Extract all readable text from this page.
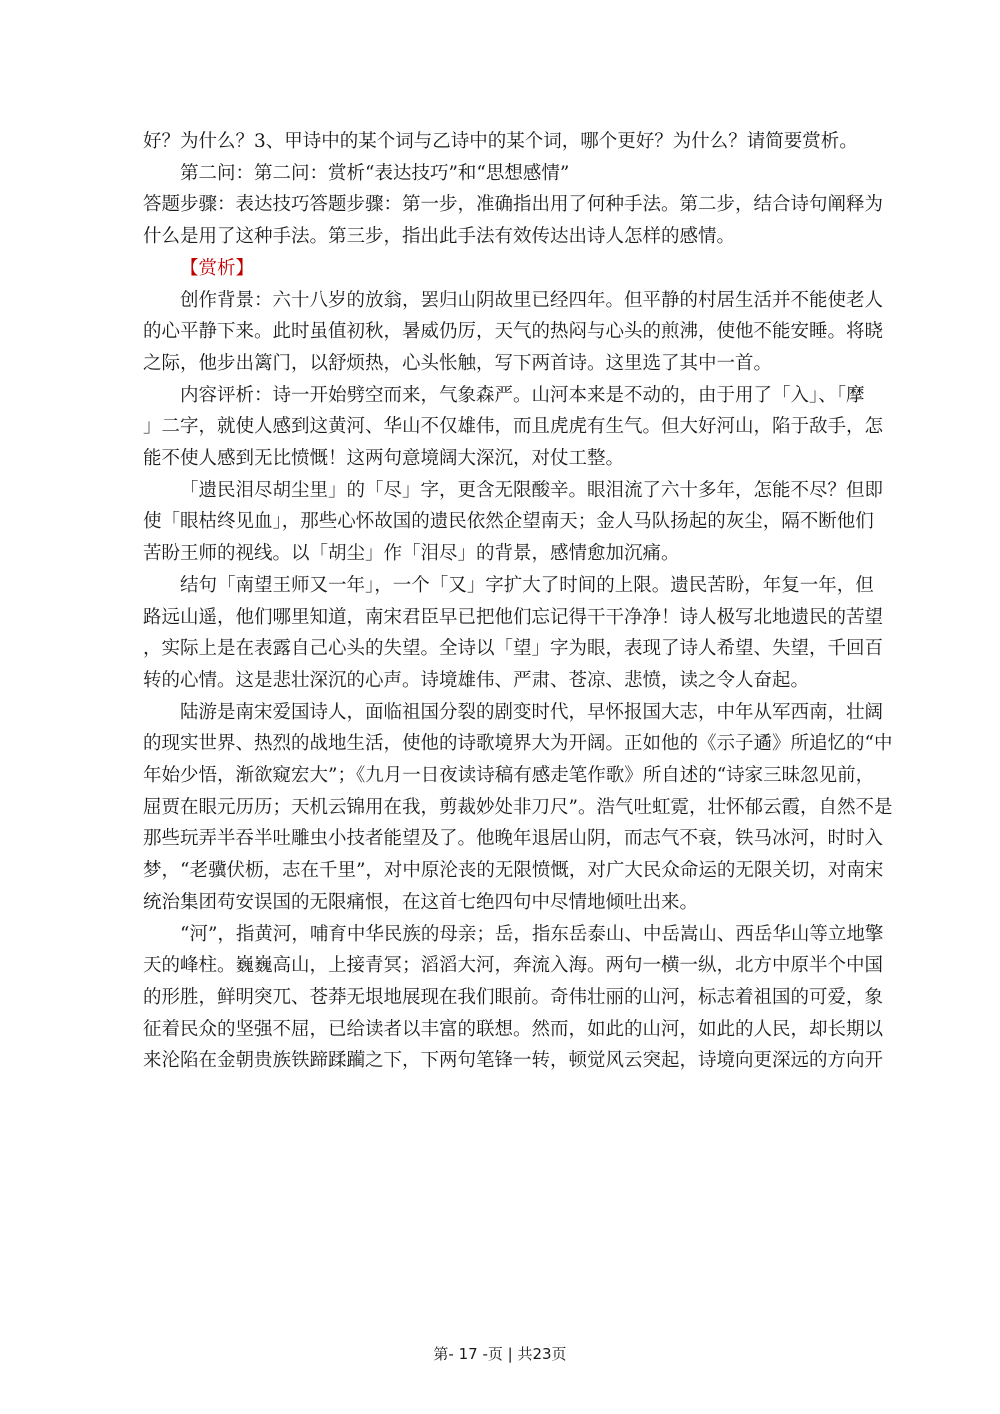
好？为什么？3、甲诗中的某个词与乙诗中的某个词，哪个更好？为什么？请简要赏析。

第二问：第二问：赏析“表达技巧”和“思想感情”

答题步骤：表达技巧答题步骤：第一步，准确指出用了何种手法。第二步，结合诗句阐释为

什么是用了这种手法。第三步，指出此手法有效传达出诗人怎样的感情。

【赏析】

创作背景：六十八岁的放翁，罢归山阴故里已经四年。但平静的村居生活并不能使老人

的心平静下来。此时虽值初秋，暑威仍厉，天气的热闷与心头的煎沸，使他不能安睡。将晓

之际，他步出篱门，以舒烦热，心头怅触，写下两首诗。这里选了其中一首。

内容评析：诗一开始劈空而来，气象森严。山河本来是不动的，由于用了「入」、「摩

」二字，就使人感到这黄河、华山不仅雄伟，而且虎虎有生气。但大好河山，陷于敌手，怎

能不使人感到无比愤慨！这两句意境阔大深沉，对仗工整。

「遗民泪尽胡尘里」的「尽」字，更含无限酸辛。眼泪流了六十多年，怎能不尽？但即

使「眼枯终见血」，那些心怀故国的遗民依然企望南天；金人马队扬起的灰尘，隔不断他们

苦盼王师的视线。以「胡尘」作「泪尽」的背景，感情愈加沉痛。

结句「南望王师又一年」，一个「又」字扩大了时间的上限。遗民苦盼，年复一年，但

路远山遥，他们哪里知道，南宋君臣早已把他们忘记得干干净净！诗人极写北地遗民的苦望

，实际上是在表露自己心头的失望。全诗以「望」字为眼，表现了诗人希望、失望，千回百

转的心情。这是悲壮深沉的心声。诗境雄伟、严肃、苍凉、悲愤，读之令人奋起。

陆游是南宋爱国诗人，面临祖国分裂的剧变时代，早怀报国大志，中年从军西南，壮阔

的现实世界、热烈的战地生活，使他的诗歌境界大为开阔。正如他的《示子遹》所追忆的“中

年始少悟，渐欲窥宏大”；《九月一日夜读诗稿有感走笔作歌》所自述的“诗家三昧忽见前，

屈贾在眼元历历；天机云锦用在我，剪裁妙处非刀尺”。浩气吐虹霓，壮怀郁云霞，自然不是

那些玩弄半吞半吐雕虫小技者能望及了。他晚年退居山阴，而志气不衰，铁马冰河，时时入

梦，“老骥伏枥，志在千里”，对中原沦丧的无限愤慨，对广大民众命运的无限关切，对南宋

统治集团苟安误国的无限痛恨，在这首七绝四句中尽情地倾吐出来。

“河”，指黄河，哺育中华民族的母亲；岳，指东岳泰山、中岳嵩山、西岳华山等立地擎

天的峰柱。巍巍高山，上接青冥；滔滔大河，奔流入海。两句一横一纵，北方中原半个中国

的形胜，鲜明突兀、苍莽无垠地展现在我们眼前。奇伟壮丽的山河，标志着祖国的可爱，象

征着民众的坚强不屈，已给读者以丰富的联想。然而，如此的山河，如此的人民，却长期以

来沦陷在金朝贵族铁蹄蹂躏之下，下两句笔锋一转，顿觉风云突起，诗境向更深远的方向开

第- 17 -页 | 共23页
